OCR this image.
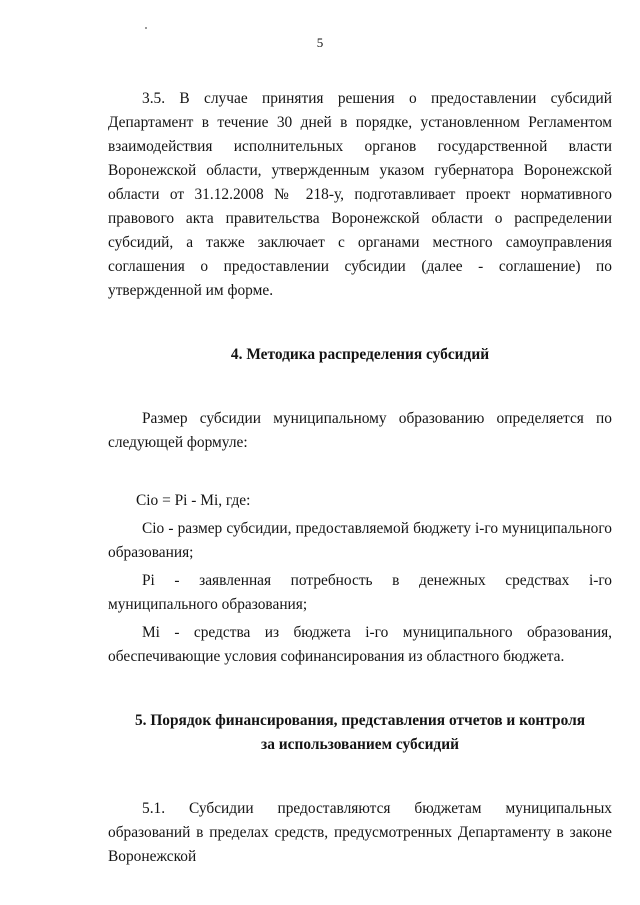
5

3.5. В случае принятия решения о предоставлении субсидий Департамент в течение 30 дней в порядке, установленном Регламентом взаимодействия исполнительных органов государственной власти Воронежской области, утвержденным указом губернатора Воронежской области от 31.12.2008 № 218-у, подготавливает проект нормативного правового акта правительства Воронежской области о распределении субсидий, а также заключает с органами местного самоуправления соглашения о предоставлении субсидии (далее - соглашение) по утвержденной им форме.

4. Методика распределения субсидий

Размер субсидии муниципальному образованию определяется по следующей формуле:

Ciо = Pi - Mi, где:

Ciо - размер субсидии, предоставляемой бюджету i-го муниципального образования;

Pi - заявленная потребность в денежных средствах i-го муниципального образования;

Mi - средства из бюджета i-го муниципального образования, обеспечивающие условия софинансирования из областного бюджета.

5. Порядок финансирования, представления отчетов и контроля

за использованием субсидий

5.1. Субсидии предоставляются бюджетам муниципальных образований в пределах средств, предусмотренных Департаменту в законе Воронежской
